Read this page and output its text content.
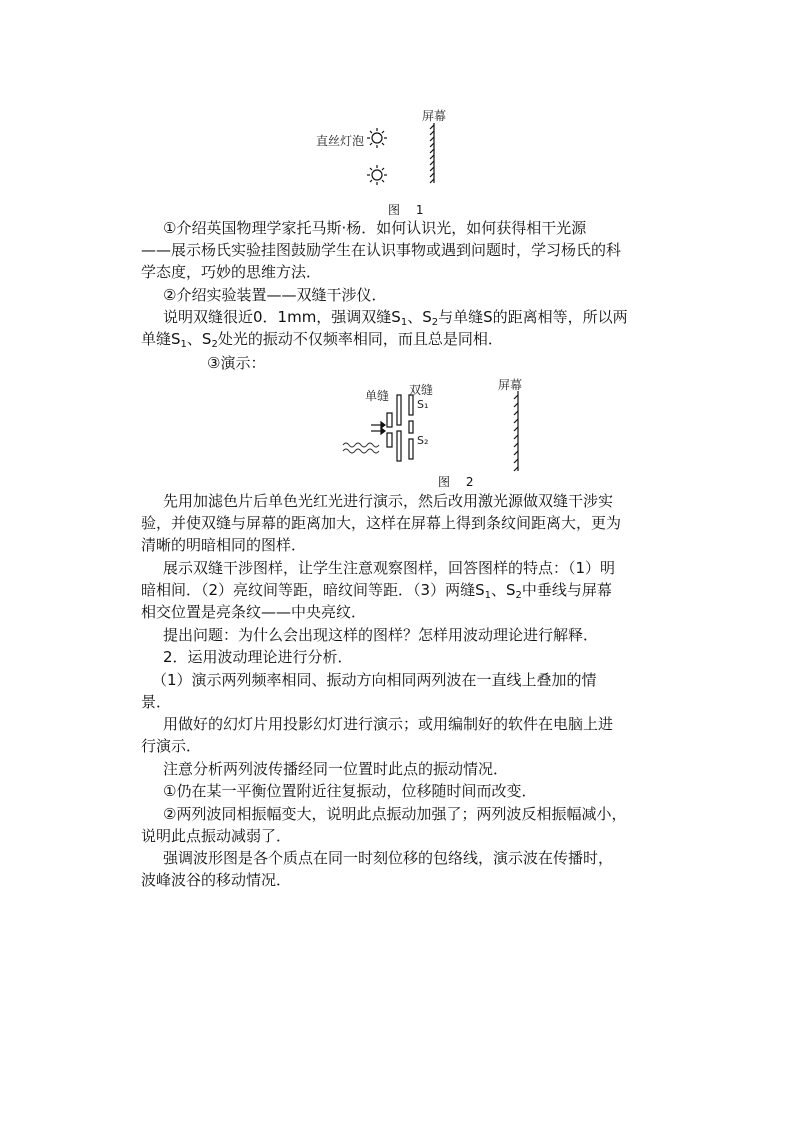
屏幕
直丝灯泡
图 1
①介绍英国物理学家托马斯·杨．如何认识光，如何获得相干光源
——展示杨氏实验挂图鼓励学生在认识事物或遇到问题时，学习杨氏的科
学态度，巧妙的思维方法．
②介绍实验装置——双缝干涉仪．
说明双缝很近0．1mm，强调双缝$S_1$、$S_2$与单缝S的距离相等，所以两
单缝$S_1$、$S_2$处光的振动不仅频率相同，而且总是同相．
③演示：
单缝 双缝	屏幕
S₁
S₂
图 2
先用加滤色片后单色光红光进行演示，然后改用激光源做双缝干涉实
验，并使双缝与屏幕的距离加大，这样在屏幕上得到条纹间距离大，更为
清晰的明暗相同的图样．
展示双缝干涉图样，让学生注意观察图样，回答图样的特点：（1）明
暗相间．（2）亮纹间等距，暗纹间等距．（3）两缝$S_1$、$S_2$中垂线与屏幕
相交位置是亮条纹——中央亮纹．
提出问题：为什么会出现这样的图样？怎样用波动理论进行解释．
2．运用波动理论进行分析．
（1）演示两列频率相同、振动方向相同两列波在一直线上叠加的情
景．
用做好的幻灯片用投影幻灯进行演示；或用编制好的软件在电脑上进
行演示．
注意分析两列波传播经同一位置时此点的振动情况．
①仍在某一平衡位置附近往复振动，位移随时间而改变．
②两列波同相振幅变大，说明此点振动加强了；两列波反相振幅减小，
说明此点振动减弱了．
强调波形图是各个质点在同一时刻位移的包络线，演示波在传播时，
波峰波谷的移动情况．
